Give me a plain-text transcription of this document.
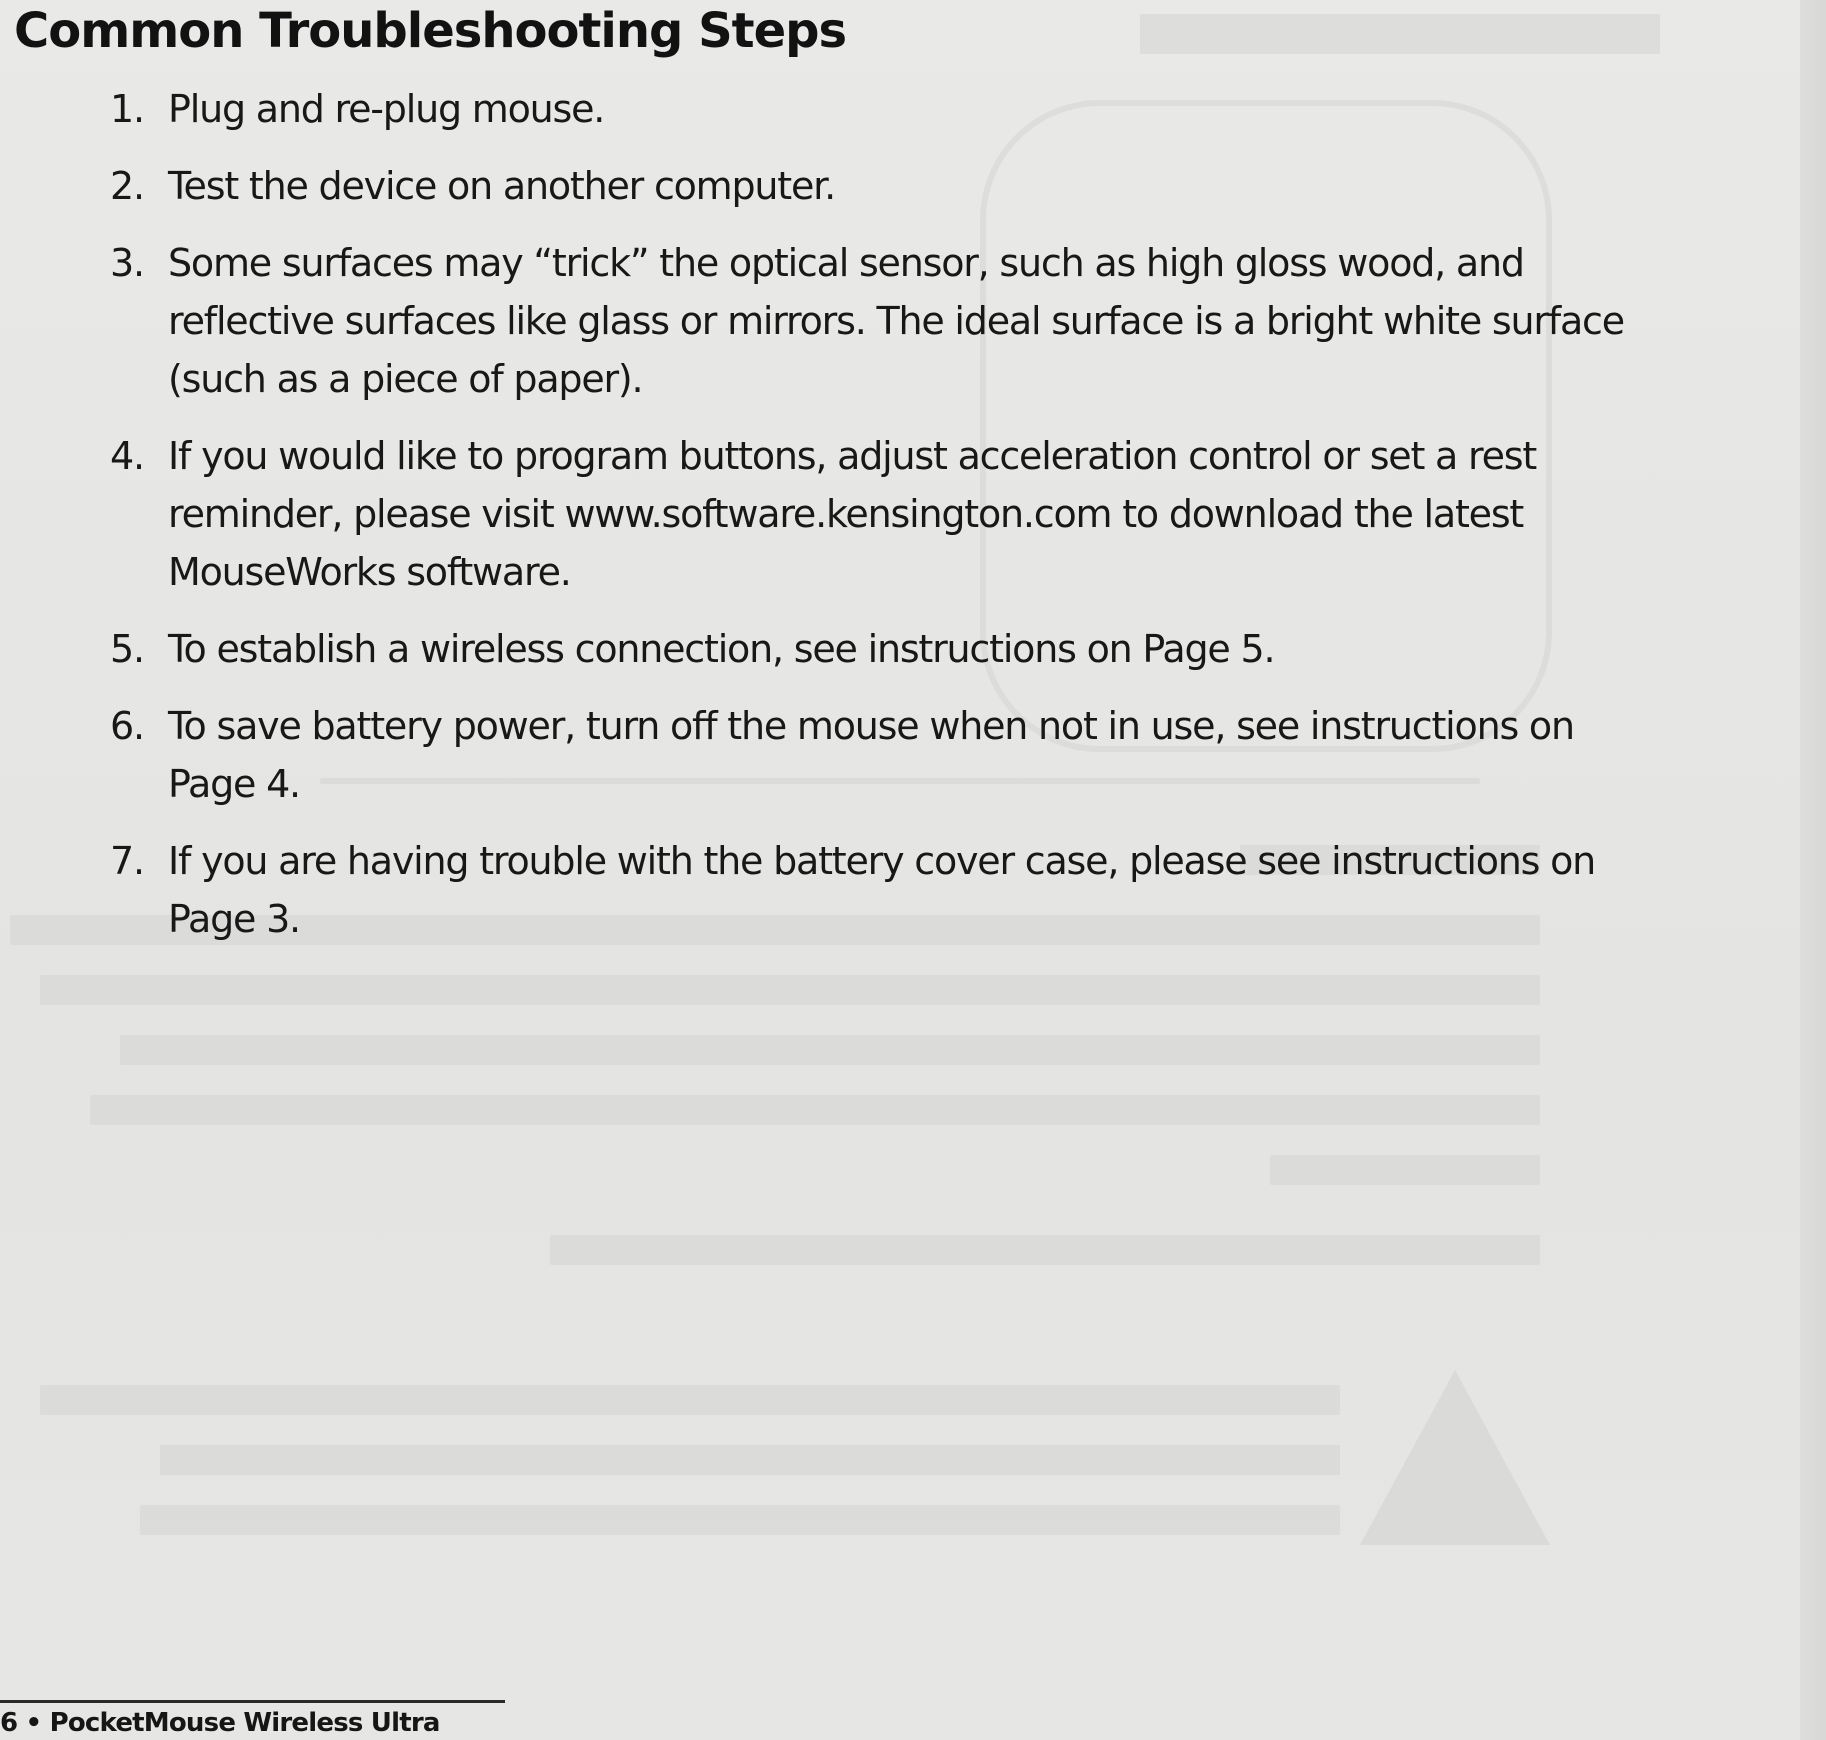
Common Troubleshooting Steps
1. Plug and re-plug mouse.
2. Test the device on another computer.
3. Some surfaces may “trick” the optical sensor, such as high gloss wood, and reflective surfaces like glass or mirrors. The ideal surface is a bright white surface (such as a piece of paper).
4. If you would like to program buttons, adjust acceleration control or set a rest reminder, please visit www.software.kensington.com to download the latest MouseWorks software.
5. To establish a wireless connection, see instructions on Page 5.
6. To save battery power, turn off the mouse when not in use, see instructions on Page 4.
7. If you are having trouble with the battery cover case, please see instructions on Page 3.
6 • PocketMouse Wireless Ultra
